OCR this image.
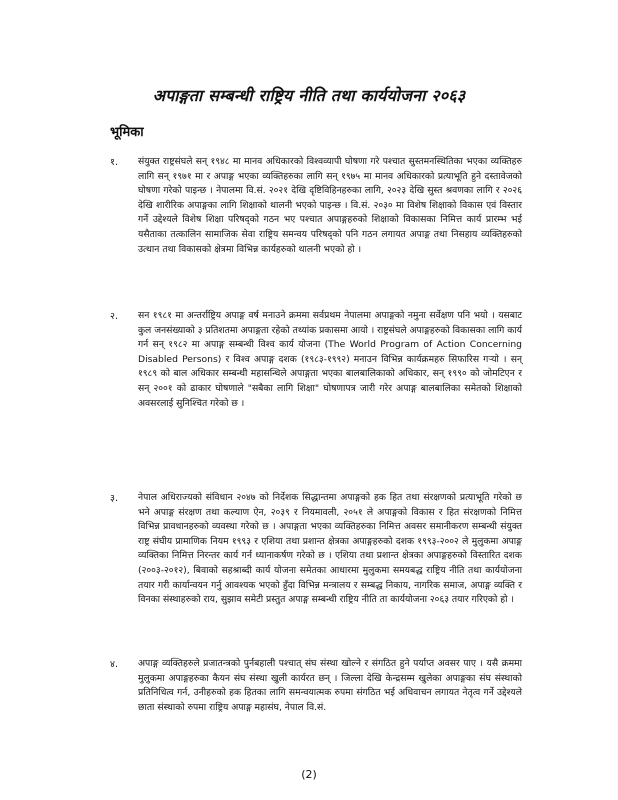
अपाङ्गता सम्बन्धी राष्ट्रिय नीति तथा कार्ययोजना २०६३
भूमिका
१. संयुक्त राष्ट्रसंघले सन् १९४८ मा मानव अधिकारको विश्वव्यापी घोषणा गरे पश्चात सुस्तमनस्थितिका भएका व्यक्तिहरु लागि सन् १९७१ मा र अपाङ्ग भएका व्यक्तिहरुका लागि सन् १९७५ मा मानव अधिकारको प्रत्याभूति हुने दस्तावेजको घोषणा गरेको पाइन्छ । नेपालमा वि.सं. २०२१ देखि दृष्टिविहिनहरुका लागि, २०२३ देखि सुस्त श्रवणका लागि र २०२६ देखि शारीरिक अपाङ्गका लागि शिक्षाको थालनी भएको पाइन्छ । वि.सं. २०३० मा विशेष शिक्षाको विकास एवं विस्तार गर्ने उद्देश्यले विशेष शिक्षा परिषद्को गठन भए पश्चात अपाङ्गहरुको शिक्षाको विकासका निमित्त कार्य प्रारम्भ भई यसैताका तत्कालिन सामाजिक सेवा राष्ट्रिय समन्वय परिषद्को पनि गठन लगायत अपाङ्ग तथा निसहाय व्यक्तिहरुको उत्थान तथा विकासको क्षेत्रमा विभिन्न कार्यहरुको थालनी भएको हो ।
२. सन १९८१ मा अन्तर्राष्ट्रिय अपाङ्ग वर्ष मनाउने क्रममा सर्वप्रथम नेपालमा अपाङ्गको नमुना सर्वेक्षण पनि भयो । यसबाट कुल जनसंख्याको ३ प्रतिशतमा अपाङ्गता रहेको तथ्यांक प्रकासमा आयो । राष्ट्रसंघले अपाङ्गहरुको विकासका लागि कार्य गर्न सन् १९८२ मा अपाङ्ग सम्बन्धी विश्व कार्य योजना (The World Program of Action Concerning Disabled Persons) र विश्व अपाङ्ग दशक (१९८३-१९९२) मनाउन विभिन्न कार्यक्रमहरु सिफारिस गऱ्यो । सन् १९८९ को बाल अधिकार सम्बन्धी महासन्धिले अपाङ्गता भएका बालबालिकाको अधिकार, सन् १९९० को जोमटिएन र सन् २००१ को ढाकार घोषणाले "सबैका लागि शिक्षा" घोषणापत्र जारी गरेर अपाङ्ग बालबालिका समेतको शिक्षाको अवसरलाई सुनिश्चित गरेको छ ।
३. नेपाल अधिराज्यको संविधान २०४७ को निर्देशक सिद्धान्तमा अपाङ्गको हक हित तथा संरक्षणको प्रत्याभूति गरेको छ भने अपाङ्ग संरक्षण तथा कल्याण ऐन, २०३९ र नियमावली, २०५१ ले अपाङ्गको विकास र हित संरक्षणको निमित्त विभिन्न प्रावधानहरुको व्यवस्था गरेको छ । अपाङ्गता भएका व्यक्तिहरुका निमित्त अवसर समानीकरण सम्बन्धी संयुक्त राष्ट्र संघीय प्रामाणिक नियम १९९३ र एशिया तथा प्रशान्त क्षेत्रका अपाङ्गहरुको दशक १९९३-२००२ ले मुलुकमा अपाङ्ग व्यक्तिका निमित्त निरन्तर कार्य गर्न ध्यानाकर्षण गरेको छ । एशिया तथा प्रशान्त क्षेत्रका अपाङ्गहरुको विस्तारित दशक (२००३-२०१२), बिवाको सहश्राब्दी कार्य योजना समेतका आधारमा मुलुकमा समयबद्ध राष्ट्रिय नीति तथा कार्ययोजना तयार गरी कार्यान्वयन गर्नु आवश्यक भएको हुँदा विभिन्न मन्त्रालय र सम्बद्ध निकाय, नागरिक समाज, अपाङ्ग व्यक्ति र विनका संस्थाहरुको राय, सुझाव समेटी प्रस्तुत अपाङ्ग सम्बन्धी राष्ट्रिय नीति ता कार्ययोजना २०६३ तयार गरिएको हो ।
४. अपाङ्ग व्यक्तिहरुले प्रजातन्त्रको पुर्नबहाली पश्चात् संघ संस्था खोल्ने र संगठित हुने पर्याप्त अवसर पाए । यसै क्रममा मुलुकमा अपाङ्गहरुका कैयन संघ संस्था खुली कार्यरत छन् । जिल्ला देखि केन्द्रसम्म खुलेका अपाङ्गका संघ संस्थाको प्रतिनिधित्व गर्न, उनीहरुको हक हितका लागि समन्वयात्मक रुपमा संगठित भई अधिवाचन लगायत नेतृत्व गर्ने उद्देश्यले छाता संस्थाको रुपमा राष्ट्रिय अपाङ्ग महासंघ, नेपाल वि.सं.
(2)
